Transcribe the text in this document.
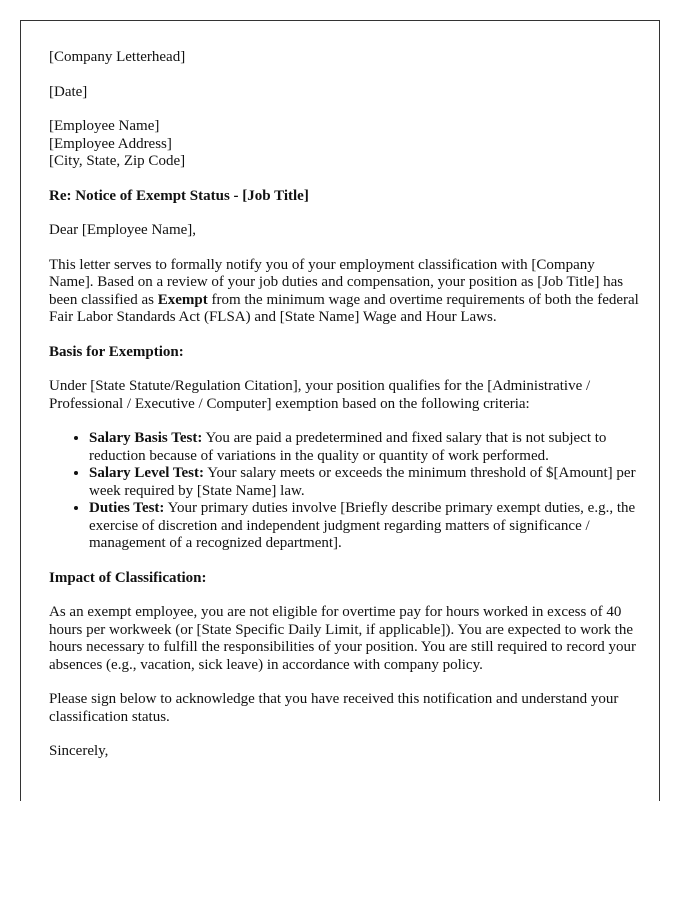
[Company Letterhead]

[Date]

[Employee Name]
[Employee Address]
[City, State, Zip Code]

Re: Notice of Exempt Status - [Job Title]

Dear [Employee Name],

This letter serves to formally notify you of your employment classification with [Company Name]. Based on a review of your job duties and compensation, your position as [Job Title] has been classified as Exempt from the minimum wage and overtime requirements of both the federal Fair Labor Standards Act (FLSA) and [State Name] Wage and Hour Laws.

Basis for Exemption:

Under [State Statute/Regulation Citation], your position qualifies for the [Administrative / Professional / Executive / Computer] exemption based on the following criteria:

• Salary Basis Test: You are paid a predetermined and fixed salary that is not subject to reduction because of variations in the quality or quantity of work performed.
• Salary Level Test: Your salary meets or exceeds the minimum threshold of $[Amount] per week required by [State Name] law.
• Duties Test: Your primary duties involve [Briefly describe primary exempt duties, e.g., the exercise of discretion and independent judgment regarding matters of significance / management of a recognized department].

Impact of Classification:

As an exempt employee, you are not eligible for overtime pay for hours worked in excess of 40 hours per workweek (or [State Specific Daily Limit, if applicable]). You are expected to work the hours necessary to fulfill the responsibilities of your position. You are still required to record your absences (e.g., vacation, sick leave) in accordance with company policy.

Please sign below to acknowledge that you have received this notification and understand your classification status.

Sincerely,
